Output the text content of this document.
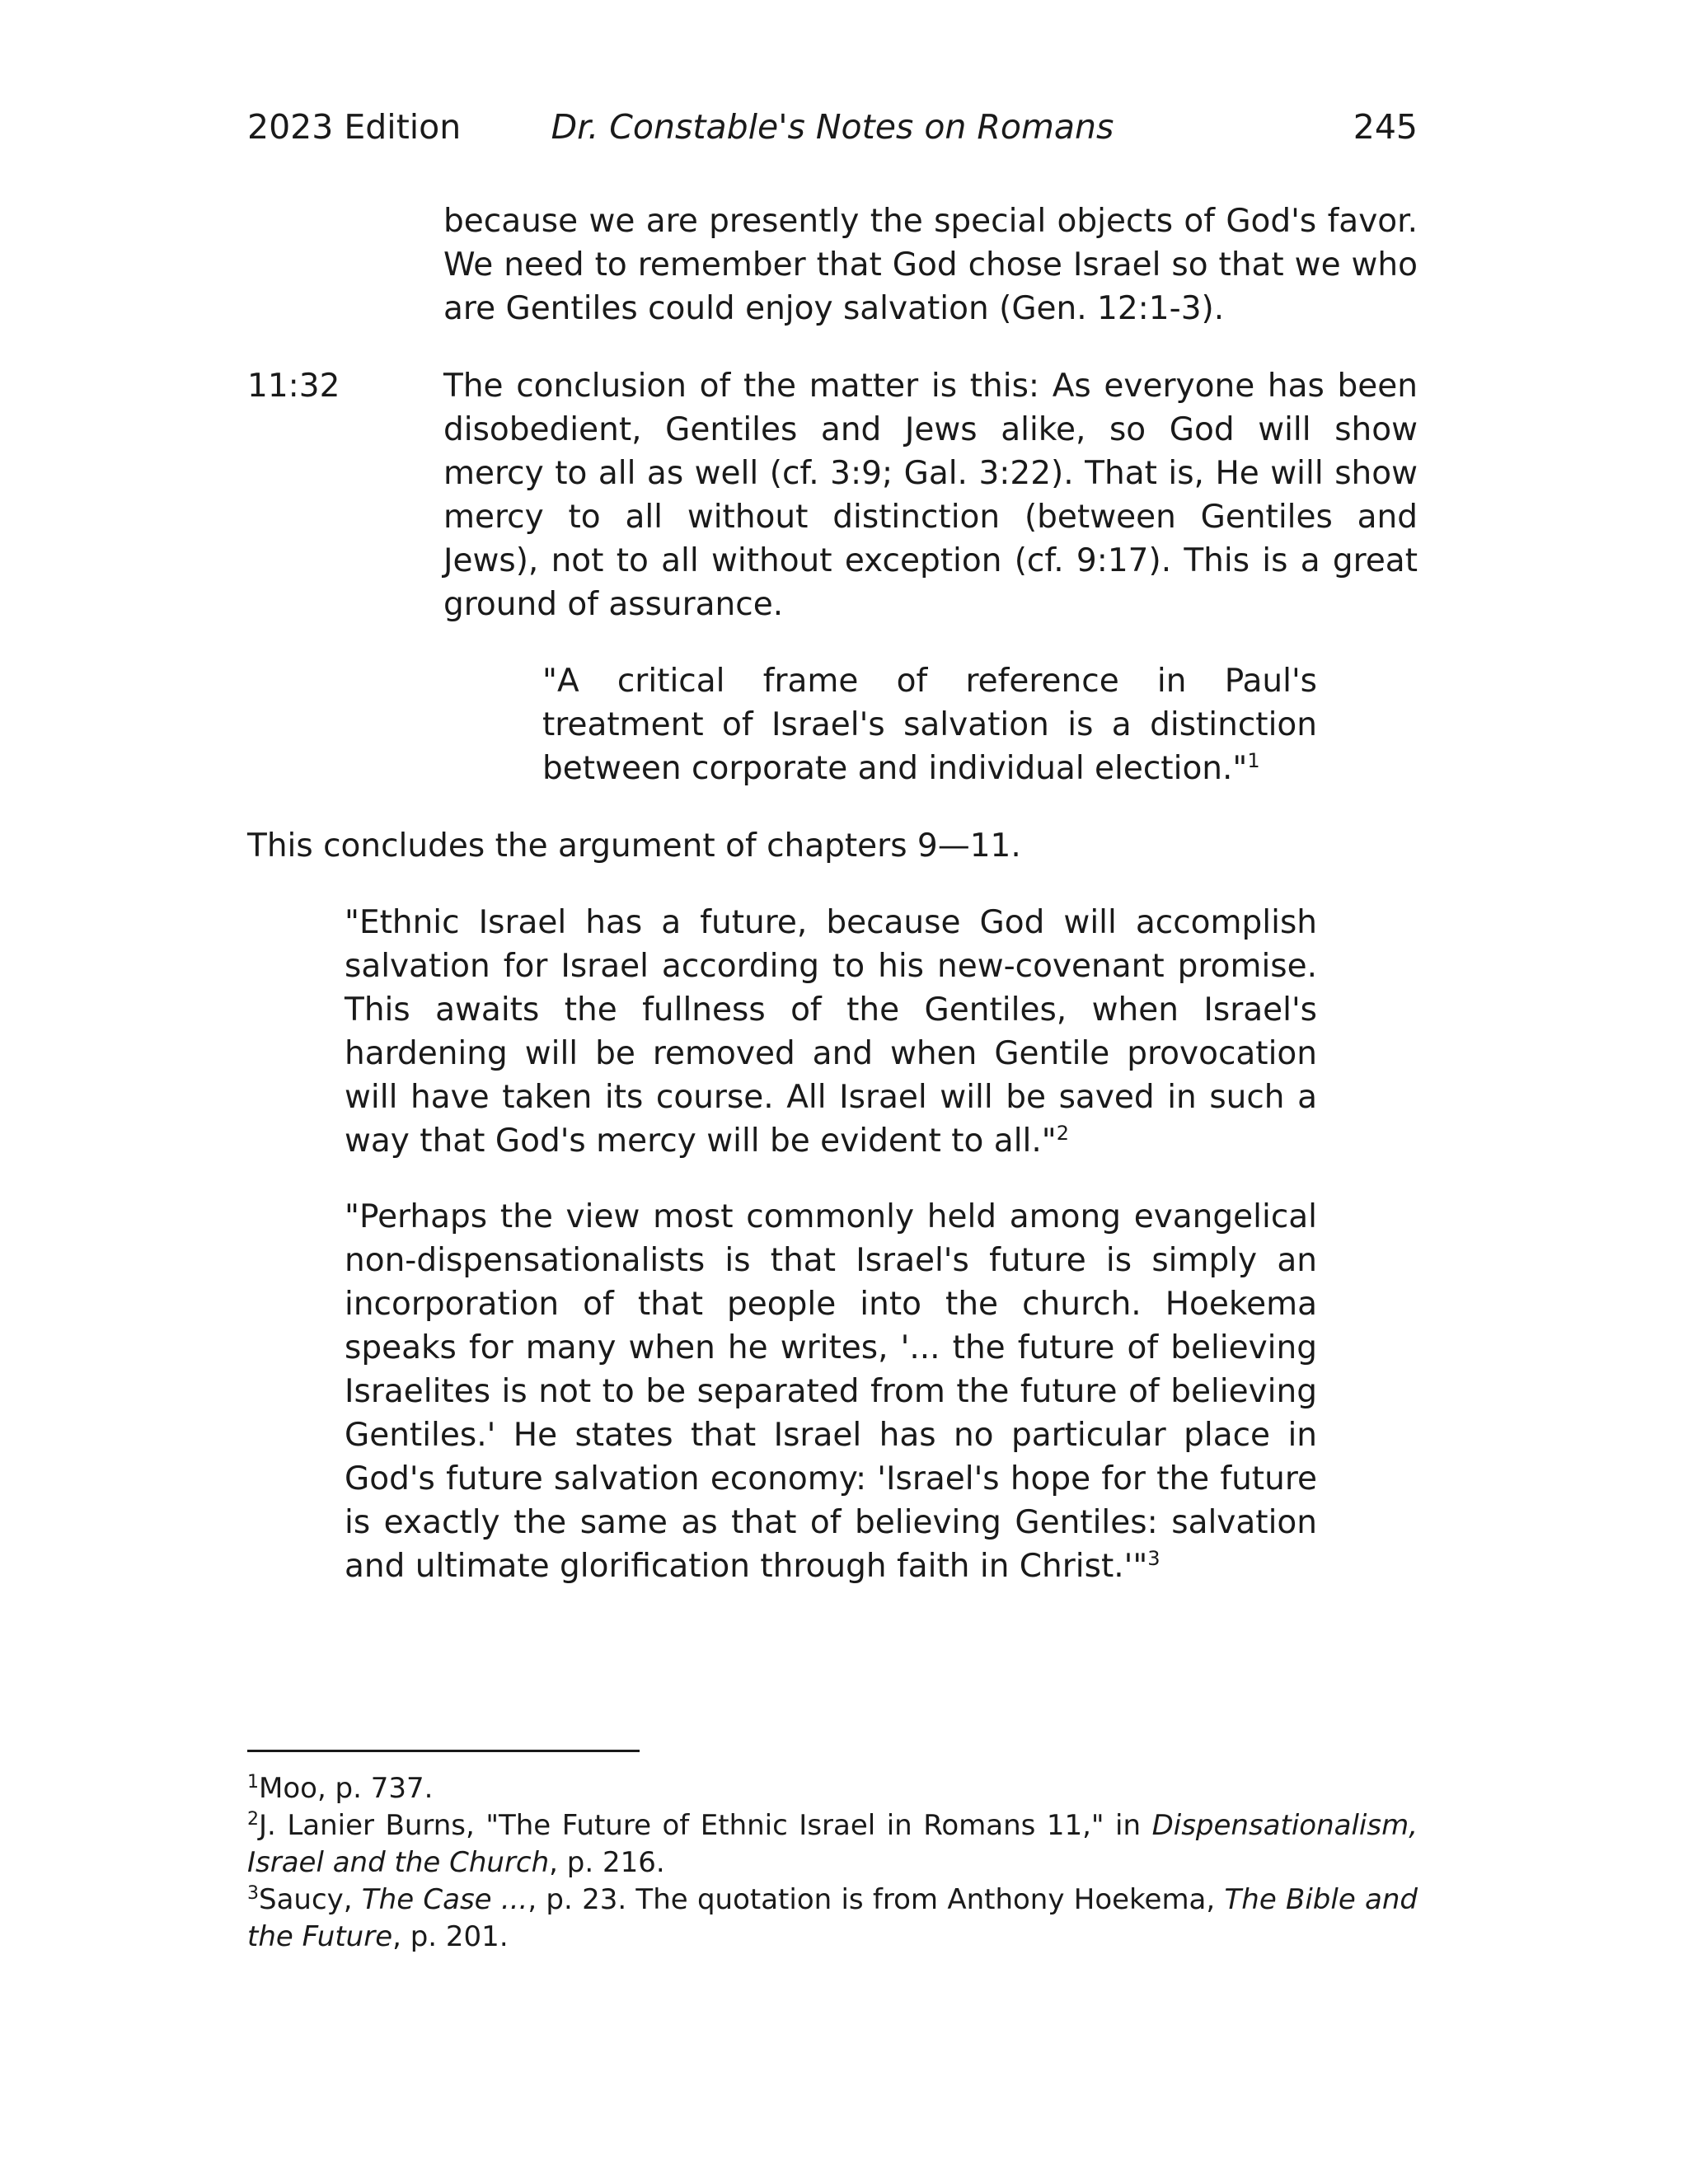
2023 Edition	Dr. Constable's Notes on Romans	245

because we are presently the special objects of God's favor. We need to remember that God chose Israel so that we who are Gentiles could enjoy salvation (Gen. 12:1-3).

11:32	The conclusion of the matter is this: As everyone has been disobedient, Gentiles and Jews alike, so God will show mercy to all as well (cf. 3:9; Gal. 3:22). That is, He will show mercy to all without distinction (between Gentiles and Jews), not to all without exception (cf. 9:17). This is a great ground of assurance.

"A critical frame of reference in Paul's treatment of Israel's salvation is a distinction between corporate and individual election."$^1$

This concludes the argument of chapters 9—11.

"Ethnic Israel has a future, because God will accomplish salvation for Israel according to his new-covenant promise. This awaits the fullness of the Gentiles, when Israel's hardening will be removed and when Gentile provocation will have taken its course. All Israel will be saved in such a way that God's mercy will be evident to all."$^2$

"Perhaps the view most commonly held among evangelical non-dispensationalists is that Israel's future is simply an incorporation of that people into the church. Hoekema speaks for many when he writes, '... the future of believing Israelites is not to be separated from the future of believing Gentiles.' He states that Israel has no particular place in God's future salvation economy: 'Israel's hope for the future is exactly the same as that of believing Gentiles: salvation and ultimate glorification through faith in Christ.'"$^3$

$^1$Moo, p. 737.

$^2$J. Lanier Burns, "The Future of Ethnic Israel in Romans 11," in Dispensationalism, Israel and the Church, p. 216.

$^3$Saucy, The Case ..., p. 23. The quotation is from Anthony Hoekema, The Bible and the Future, p. 201.
